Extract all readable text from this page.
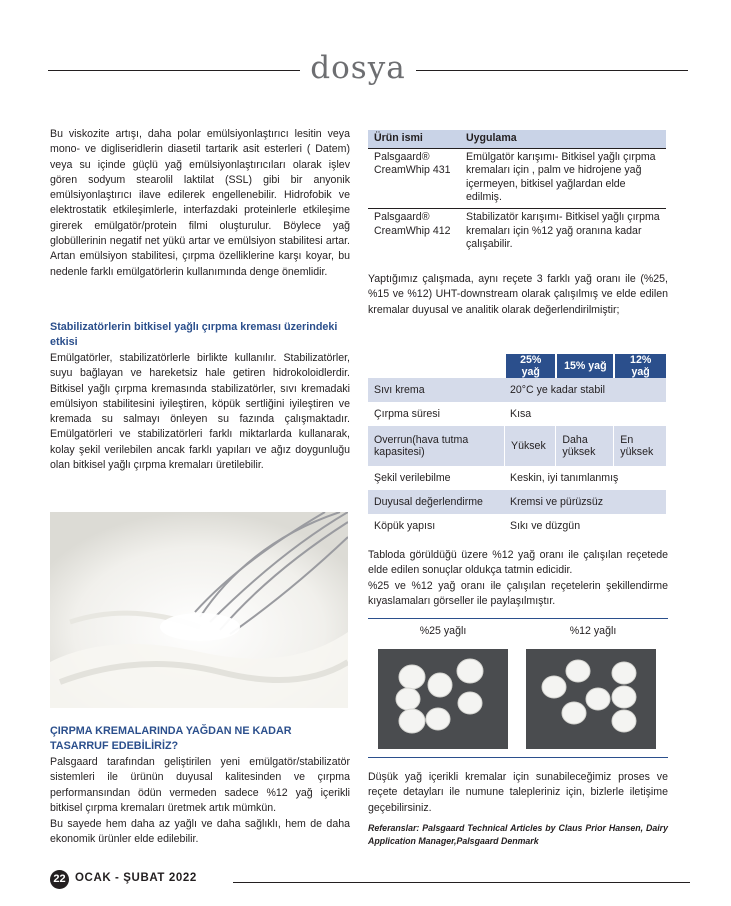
dosya
Bu viskozite artışı, daha polar emülsiyonlaştırıcı lesitin veya mono- ve digliseridlerin diasetil tartarik asit esterleri ( Datem) veya su içinde güçlü yağ emülsiyonlaştırıcıları olarak işlev gören sodyum stearolil laktilat (SSL) gibi bir anyonik emülsiyonlaştırıcı ilave edilerek engellenebilir. Hidrofobik ve elektrostatik etkileşimlerle, interfazdaki proteinlerle etkileşime girerek emülgatör/protein filmi oluşturulur. Böylece yağ globüllerinin negatif net yükü artar ve emülsiyon stabilitesi artar. Artan emülsiyon stabilitesi, çırpma özelliklerine karşı koyar, bu nedenle farklı emülgatörlerin kullanımında denge önemlidir.
Stabilizatörlerin bitkisel yağlı çırpma kreması üzerindeki etkisi
Emülgatörler, stabilizatörlerle birlikte kullanılır. Stabilizatörler, suyu bağlayan ve hareketsiz hale getiren hidrokoloidlerdir. Bitkisel yağlı çırpma kremasında stabilizatörler, sıvı kremadaki emülsiyon stabilitesini iyileştiren, köpük sertliğini iyileştiren ve kremada su salmayı önleyen su fazında çalışmaktadır. Emülgatörleri ve stabilizatörleri farklı miktarlarda kullanarak, kolay şekil verilebilen ancak farklı yapıları ve ağız doygunluğu olan bitkisel yağlı çırpma kremaları üretilebilir.
ÇIRPMA KREMALARINDA YAĞDAN NE KADAR TASARRUF EDEBİLİRİZ?
Palsgaard tarafından geliştirilen yeni emülgatör/stabilizatör sistemleri ile ürünün duyusal kalitesinden ve çırpma performansından ödün vermeden sadece %12 yağ içerikli bitkisel çırpma kremaları üretmek artık mümkün.
Bu sayede hem daha az yağlı ve daha sağlıklı, hem de daha ekonomik ürünler elde edilebilir.
Ürün ismi	Uygulama
Palsgaard® CreamWhip 431	Emülgatör karışımı- Bitkisel yağlı çırpma kremaları için , palm ve hidrojene yağ içermeyen, bitkisel yağlardan elde edilmiş.
Palsgaard® CreamWhip 412	Stabilizatör karışımı- Bitkisel yağlı çırpma kremaları için %12 yağ oranına kadar çalışabilir.
Yaptığımız çalışmada, aynı reçete 3 farklı yağ oranı ile (%25, %15 ve %12) UHT-downstream olarak çalışılmış ve elde edilen kremalar duyusal ve analitik olarak değerlendirilmiştir;
	25% yağ	15% yağ	12% yağ
Sıvı krema	20°C ye kadar stabil		
Çırpma süresi	Kısa		
Overrun(hava tutma kapasitesi)	Yüksek	Daha yüksek	En yüksek
Şekil verilebilme	Keskin, iyi tanımlanmış		
Duyusal değerlendirme	Kremsi ve pürüzsüz		
Köpük yapısı	Sıkı ve düzgün		
Tabloda görüldüğü üzere %12 yağ oranı ile çalışılan reçetede elde edilen sonuçlar oldukça tatmin edicidir.
%25 ve %12 yağ oranı ile çalışılan reçetelerin şekillendirme kıyaslamaları görseller ile paylaşılmıştır.
%25 yağlı	%12 yağlı
Düşük yağ içerikli kremalar için sunabileceğimiz proses ve reçete detayları ile numune talepleriniz için, bizlerle iletişime geçebilirsiniz.
Referanslar: Palsgaard Technical Articles by Claus Prior Hansen, Dairy Application Manager,Palsgaard Denmark
22 OCAK - ŞUBAT 2022
